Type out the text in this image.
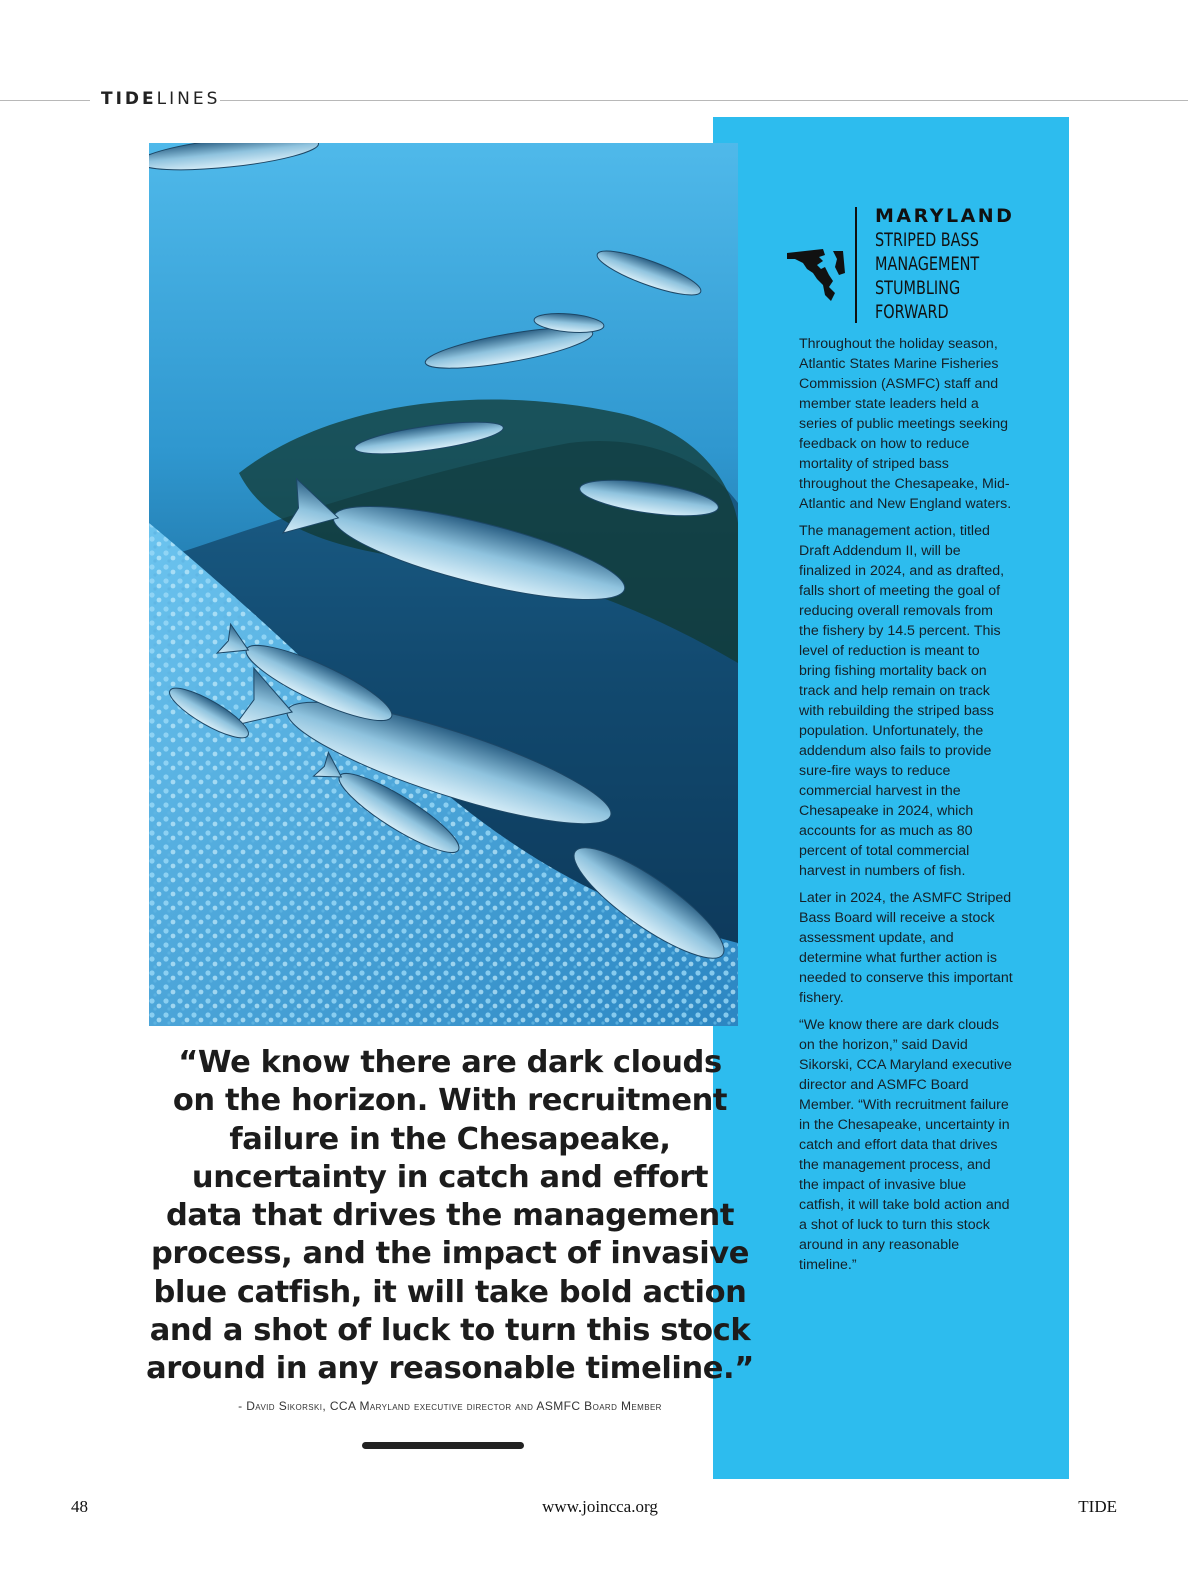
TIDELINES
MARYLAND
STRIPED BASS
MANAGEMENT
STUMBLING
FORWARD

Throughout the holiday season, Atlantic States Marine Fisheries Commission (ASMFC) staff and member state leaders held a series of public meetings seeking feedback on how to reduce mortality of striped bass throughout the Chesapeake, Mid-Atlantic and New England waters.

The management action, titled Draft Addendum II, will be finalized in 2024, and as drafted, falls short of meeting the goal of reducing overall removals from the fishery by 14.5 percent. This level of reduction is meant to bring fishing mortality back on track and help remain on track with rebuilding the striped bass population. Unfortunately, the addendum also fails to provide sure-fire ways to reduce commercial harvest in the Chesapeake in 2024, which accounts for as much as 80 percent of total commercial harvest in numbers of fish.

Later in 2024, the ASMFC Striped Bass Board will receive a stock assessment update, and determine what further action is needed to conserve this important fishery.

“We know there are dark clouds on the horizon,” said David Sikorski, CCA Maryland executive director and ASMFC Board Member. “With recruitment failure in the Chesapeake, uncertainty in catch and effort data that drives the management process, and the impact of invasive blue catfish, it will take bold action and a shot of luck to turn this stock around in any reasonable timeline.”

“We know there are dark clouds
on the horizon. With recruitment
failure in the Chesapeake,
uncertainty in catch and effort
data that drives the management
process, and the impact of invasive
blue catfish, it will take bold action
and a shot of luck to turn this stock
around in any reasonable timeline.”
- David Sikorski, CCA Maryland executive director and ASMFC Board Member
48	www.joincca.org	TIDE
